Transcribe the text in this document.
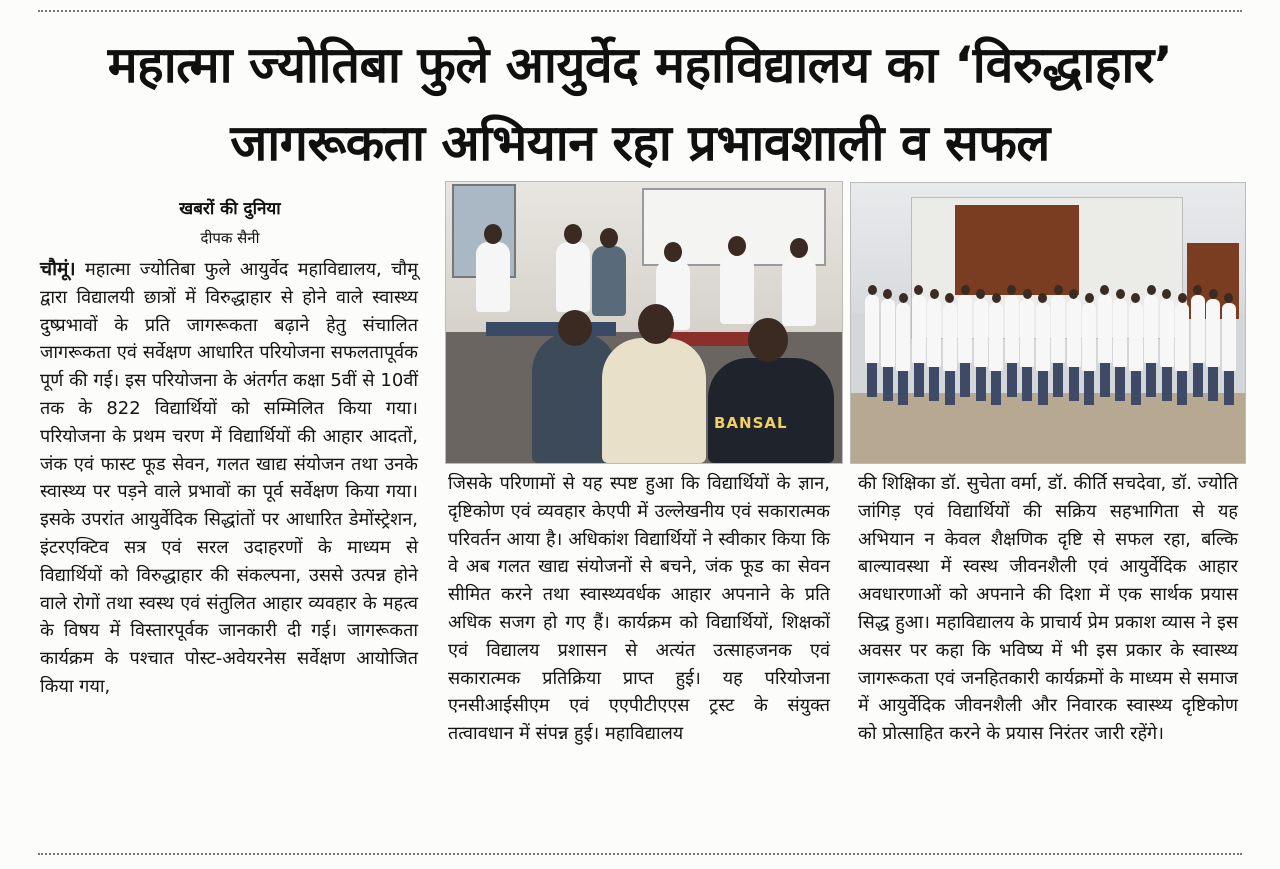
महात्मा ज्योतिबा फुले आयुर्वेद महाविद्यालय का ‘विरुद्धाहार’
जागरूकता अभियान रहा प्रभावशाली व सफल
खबरों की दुनिया
दीपक सैनी
चौमूं। महात्मा ज्योतिबा फुले आयुर्वेद महाविद्यालय, चौमू द्वारा विद्यालयी छात्रों में विरुद्धाहार से होने वाले स्वास्थ्य दुष्प्रभावों के प्रति जागरूकता बढ़ाने हेतु संचालित जागरूकता एवं सर्वेक्षण आधारित परियोजना सफलतापूर्वक पूर्ण की गई। इस परियोजना के अंतर्गत कक्षा 5वीं से 10वीं तक के 822 विद्यार्थियों को सम्मिलित किया गया। परियोजना के प्रथम चरण में विद्यार्थियों की आहार आदतों, जंक एवं फास्ट फूड सेवन, गलत खाद्य संयोजन तथा उनके स्वास्थ्य पर पड़ने वाले प्रभावों का पूर्व सर्वेक्षण किया गया। इसके उपरांत आयुर्वेदिक सिद्धांतों पर आधारित डेमोंस्ट्रेशन, इंटरएक्टिव सत्र एवं सरल उदाहरणों के माध्यम से विद्यार्थियों को विरुद्धाहार की संकल्पना, उससे उत्पन्न होने वाले रोगों तथा स्वस्थ एवं संतुलित आहार व्यवहार के महत्व के विषय में विस्तारपूर्वक जानकारी दी गई। जागरूकता कार्यक्रम के पश्चात पोस्ट-अवेयरनेस सर्वेक्षण आयोजित किया गया,
BANSAL
जिसके परिणामों से यह स्पष्ट हुआ कि विद्यार्थियों के ज्ञान, दृष्टिकोण एवं व्यवहार केएपी में उल्लेखनीय एवं सकारात्मक परिवर्तन आया है। अधिकांश विद्यार्थियों ने स्वीकार किया कि वे अब गलत खाद्य संयोजनों से बचने, जंक फूड का सेवन सीमित करने तथा स्वास्थ्यवर्धक आहार अपनाने के प्रति अधिक सजग हो गए हैं। कार्यक्रम को विद्यार्थियों, शिक्षकों एवं विद्यालय प्रशासन से अत्यंत उत्साहजनक एवं सकारात्मक प्रतिक्रिया प्राप्त हुई। यह परियोजना एनसीआईसीएम एवं एएपीटीएएस ट्रस्ट के संयुक्त तत्वावधान में संपन्न हुई। महाविद्यालय
की शिक्षिका डॉ. सुचेता वर्मा, डॉ. कीर्ति सचदेवा, डॉ. ज्योति जांगिड़ एवं विद्यार्थियों की सक्रिय सहभागिता से यह अभियान न केवल शैक्षणिक दृष्टि से सफल रहा, बल्कि बाल्यावस्था में स्वस्थ जीवनशैली एवं आयुर्वेदिक आहार अवधारणाओं को अपनाने की दिशा में एक सार्थक प्रयास सिद्ध हुआ। महाविद्यालय के प्राचार्य प्रेम प्रकाश व्यास ने इस अवसर पर कहा कि भविष्य में भी इस प्रकार के स्वास्थ्य जागरूकता एवं जनहितकारी कार्यक्रमों के माध्यम से समाज में आयुर्वेदिक जीवनशैली और निवारक स्वास्थ्य दृष्टिकोण को प्रोत्साहित करने के प्रयास निरंतर जारी रहेंगे।
